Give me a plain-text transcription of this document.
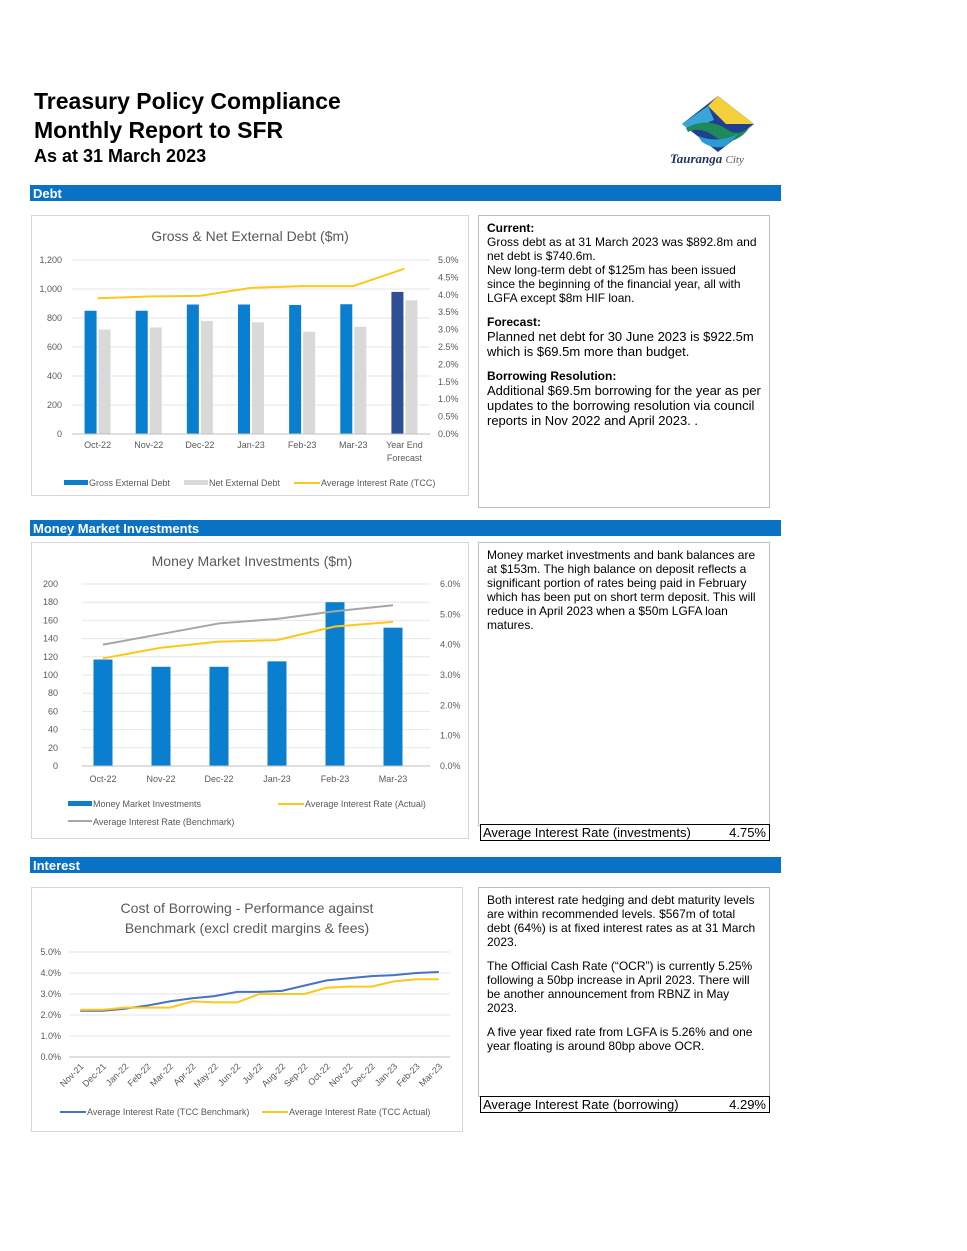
Treasury Policy Compliance
Monthly Report to SFR
As at 31 March 2023	Tauranga City
Debt
Money Market Investments
Interest
Gross & Net External Debt ($m)
0
200
400
600
800
1,000
1,200
0.0%
0.5%
1.0%
1.5%
2.0%
2.5%
3.0%
3.5%
4.0%
4.5%
5.0%
Oct-22	Nov-22 Dec-22	Jan-23	Feb-23	Mar-23 Year End
Forecast
Gross External Debt	Net External Debt	Average Interest Rate (TCC)
Current:
Gross debt as at 31 March 2023 was $892.8m and net debt is $740.6m.
New long-term debt of $125m has been issued since the beginning of the financial year, all with LGFA except $8m HIF loan.
Forecast:
Planned net debt for 30 June 2023 is $922.5m which is $69.5m more than budget.
Borrowing Resolution:
Additional $69.5m borrowing for the year as per updates to the borrowing resolution via council reports in Nov 2022 and April 2023. .
Money Market Investments ($m)
0
20
40
60
80
100
120
140
160
180
200
0.0%
1.0%
2.0%
3.0%
4.0%
5.0%
6.0%
Oct-22	Nov-22	Dec-22	Jan-23	Feb-23	Mar-23
Money Market Investments	Average Interest Rate (Actual)
Average Interest Rate (Benchmark)
Money market investments and bank balances are at $153m. The high balance on deposit reflects a significant portion of rates being paid in February which has been put on short term deposit. This will reduce in April 2023 when a $50m LGFA loan matures.
Average Interest Rate (investments)	4.75%
Cost of Borrowing - Performance against
Benchmark (excl credit margins & fees)
0.0%
1.0%
2.0%
3.0%
4.0%
5.0%
Nov-21
Dec-21
Jan-22
Feb-22
Mar-22
Apr-22
May-22
Jun-22
Jul-22
Aug-22
Sep-22
Oct-22
Nov-22
Dec-22
Jan-23
Feb-23
Mar-23
Average Interest Rate (TCC Benchmark)	Average Interest Rate (TCC Actual)
Both interest rate hedging and debt maturity levels are within recommended levels. $567m of total debt (64%) is at fixed interest rates as at 31 March 2023.
The Official Cash Rate (“OCR”) is currently 5.25% following a 50bp increase in April 2023. There will be another announcement from RBNZ in May 2023.
A five year fixed rate from LGFA is 5.26% and one year floating is around 80bp above OCR.
Average Interest Rate (borrowing)	4.29%
